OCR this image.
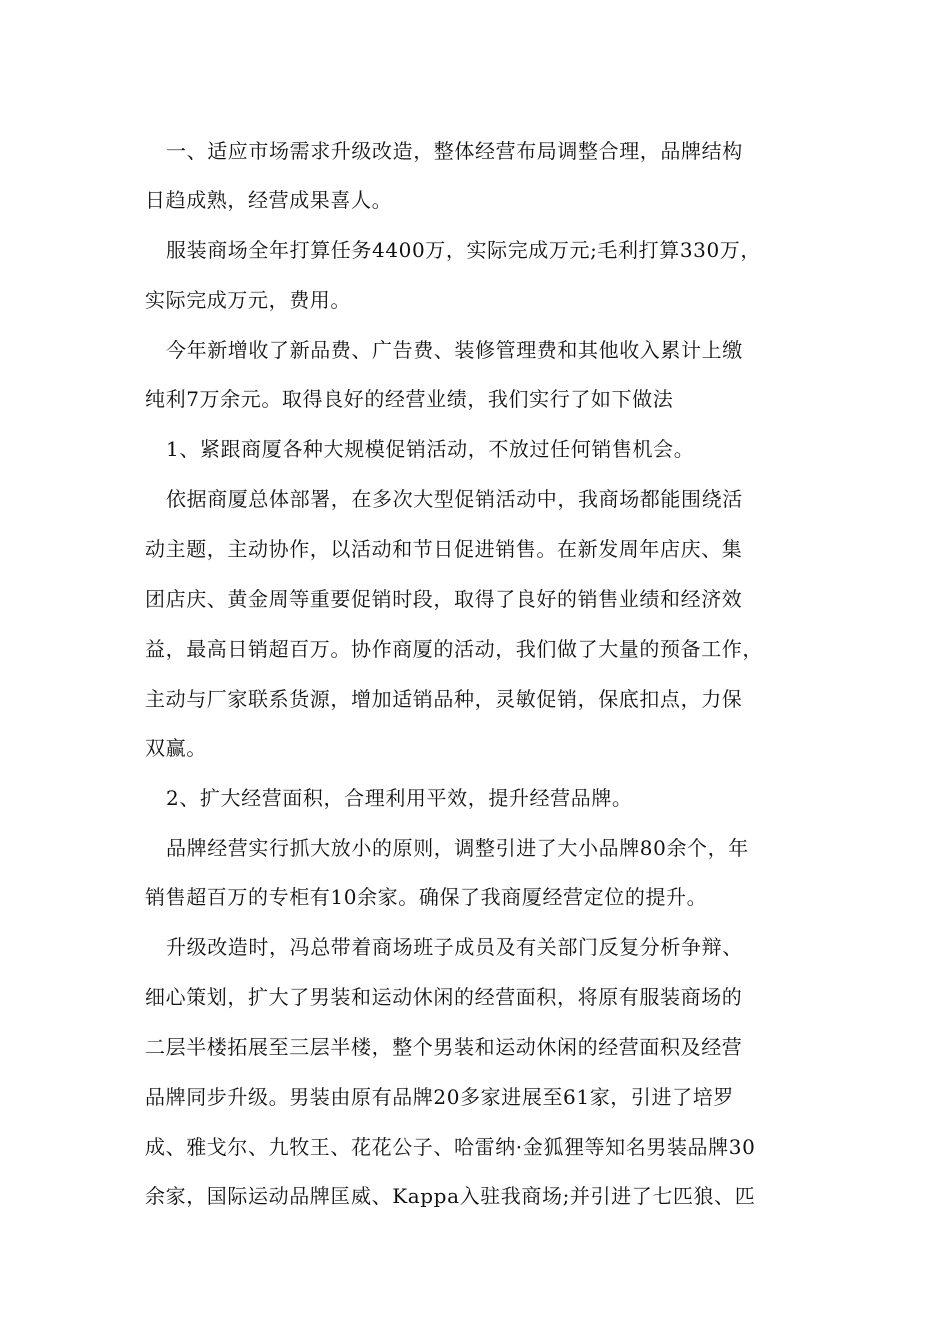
一、适应市场需求升级改造，整体经营布局调整合理，品牌结构
日趋成熟，经营成果喜人。
服装商场全年打算任务4400万，实际完成万元;毛利打算330万，
实际完成万元，费用。
今年新增收了新品费、广告费、装修管理费和其他收入累计上缴
纯利7万余元。取得良好的经营业绩，我们实行了如下做法
1、紧跟商厦各种大规模促销活动，不放过任何销售机会。
依据商厦总体部署，在多次大型促销活动中，我商场都能围绕活
动主题，主动协作，以活动和节日促进销售。在新发周年店庆、集
团店庆、黄金周等重要促销时段，取得了良好的销售业绩和经济效
益，最高日销超百万。协作商厦的活动，我们做了大量的预备工作，
主动与厂家联系货源，增加适销品种，灵敏促销，保底扣点，力保
双赢。
2、扩大经营面积，合理利用平效，提升经营品牌。
品牌经营实行抓大放小的原则，调整引进了大小品牌80余个，年
销售超百万的专柜有10余家。确保了我商厦经营定位的提升。
升级改造时，冯总带着商场班子成员及有关部门反复分析争辩、
细心策划，扩大了男装和运动休闲的经营面积，将原有服装商场的
二层半楼拓展至三层半楼，整个男装和运动休闲的经营面积及经营
品牌同步升级。男装由原有品牌20多家进展至61家，引进了培罗
成、雅戈尔、九牧王、花花公子、哈雷纳·金狐狸等知名男装品牌30
余家，国际运动品牌匡威、Kappa入驻我商场;并引进了七匹狼、匹
